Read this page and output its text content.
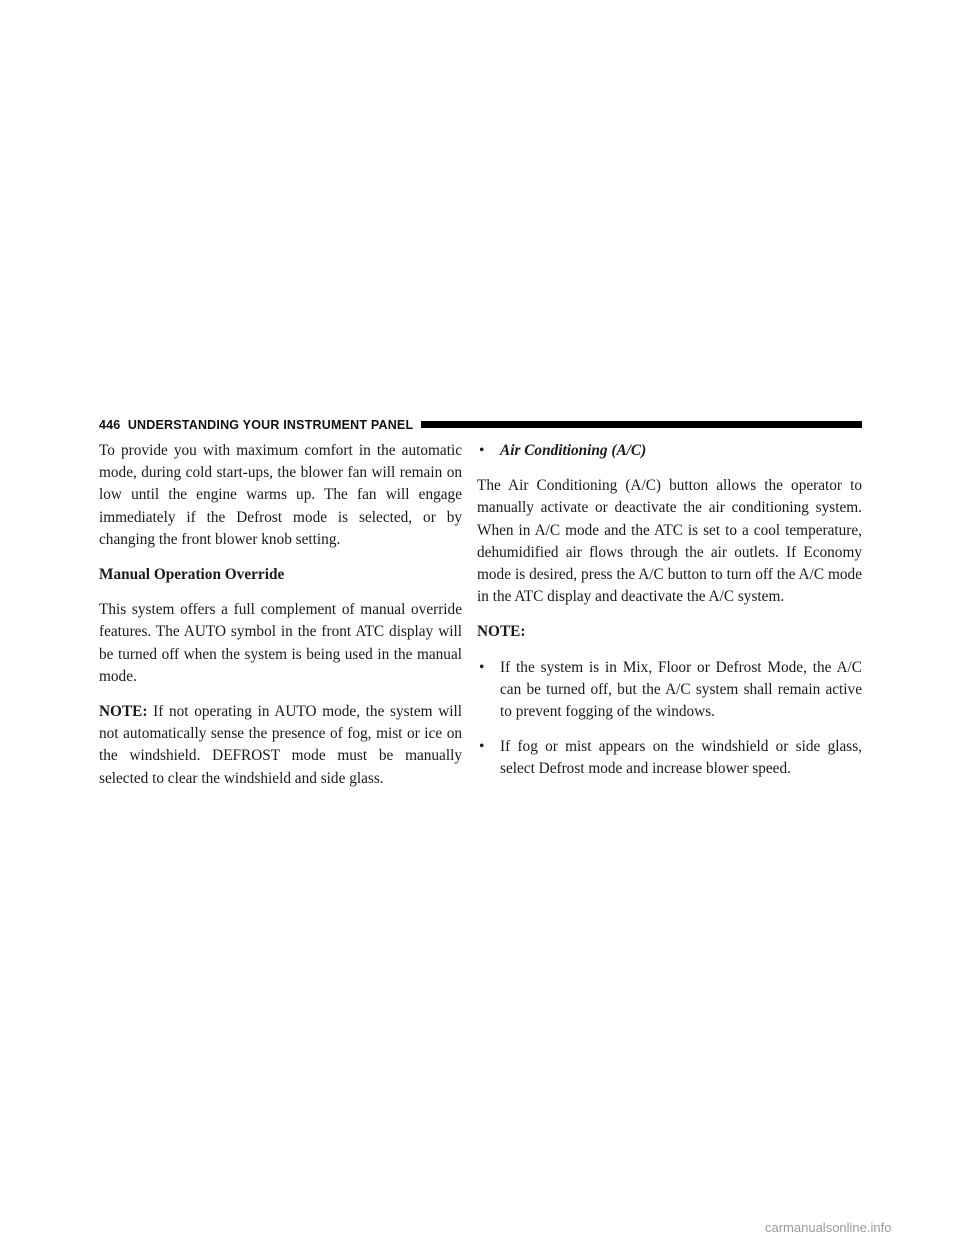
446 UNDERSTANDING YOUR INSTRUMENT PANEL

To provide you with maximum comfort in the automatic mode, during cold start-ups, the blower fan will remain on low until the engine warms up. The fan will engage immediately if the Defrost mode is selected, or by changing the front blower knob setting.

Manual Operation Override

This system offers a full complement of manual override features. The AUTO symbol in the front ATC display will be turned off when the system is being used in the manual mode.

NOTE: If not operating in AUTO mode, the system will not automatically sense the presence of fog, mist or ice on the windshield. DEFROST mode must be manually selected to clear the windshield and side glass.

• Air Conditioning (A/C)

The Air Conditioning (A/C) button allows the operator to manually activate or deactivate the air conditioning system. When in A/C mode and the ATC is set to a cool temperature, dehumidified air flows through the air outlets. If Economy mode is desired, press the A/C button to turn off the A/C mode in the ATC display and deactivate the A/C system.

NOTE:
• If the system is in Mix, Floor or Defrost Mode, the A/C can be turned off, but the A/C system shall remain active to prevent fogging of the windows.
• If fog or mist appears on the windshield or side glass, select Defrost mode and increase blower speed.
carmanualsonline.info
